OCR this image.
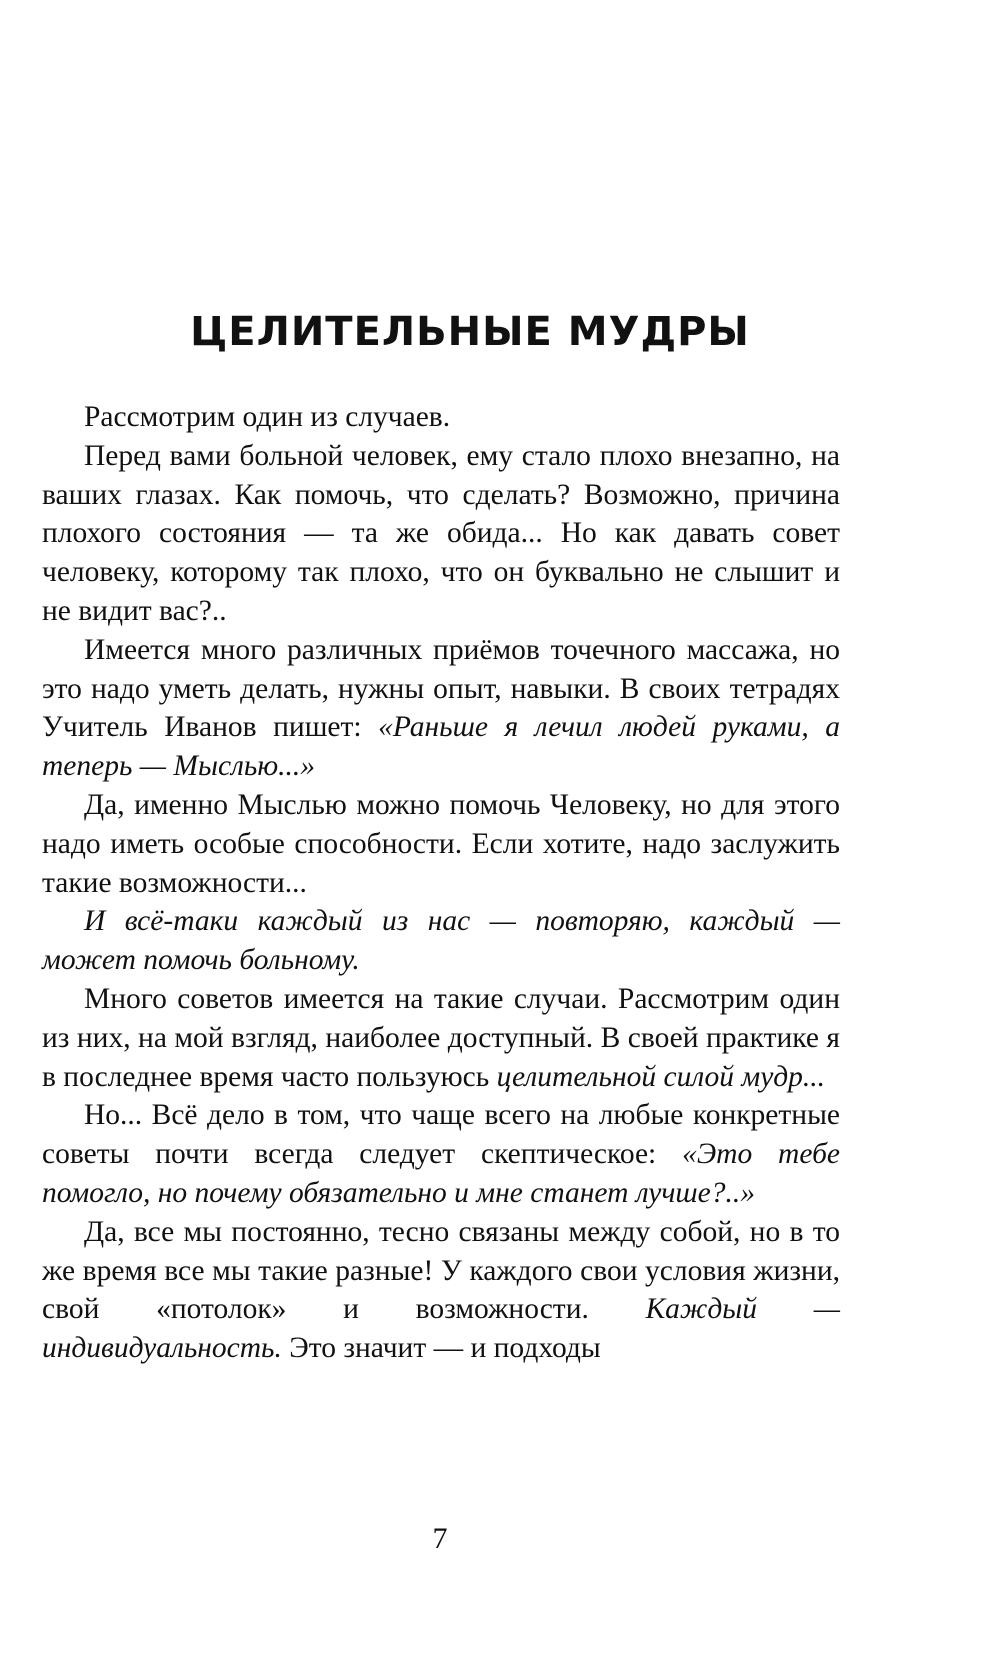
ЦЕЛИТЕЛЬНЫЕ МУДРЫ

Рассмотрим один из случаев.

Перед вами больной человек, ему стало плохо внезапно, на ваших глазах. Как помочь, что сделать? Возможно, причина плохого состояния — та же обида... Но как давать совет человеку, которому так плохо, что он буквально не слышит и не видит вас?..

Имеется много различных приёмов точечного массажа, но это надо уметь делать, нужны опыт, навыки. В своих тетрадях Учитель Иванов пишет: «Раньше я лечил людей руками, а теперь — Мыслью...»

Да, именно Мыслью можно помочь Человеку, но для этого надо иметь особые способности. Если хотите, надо заслужить такие возможности...

И всё-таки каждый из нас — повторяю, каждый — может помочь больному.

Много советов имеется на такие случаи. Рассмотрим один из них, на мой взгляд, наиболее доступный. В своей практике я в последнее время часто пользуюсь целительной силой мудр...

Но... Всё дело в том, что чаще всего на любые конкретные советы почти всегда следует скептическое: «Это тебе помогло, но почему обязательно и мне станет лучше?..»

Да, все мы постоянно, тесно связаны между собой, но в то же время все мы такие разные! У каждого свои условия жизни, свой «потолок» и возможности. Каждый — индивидуальность. Это значит — и подходы

7
